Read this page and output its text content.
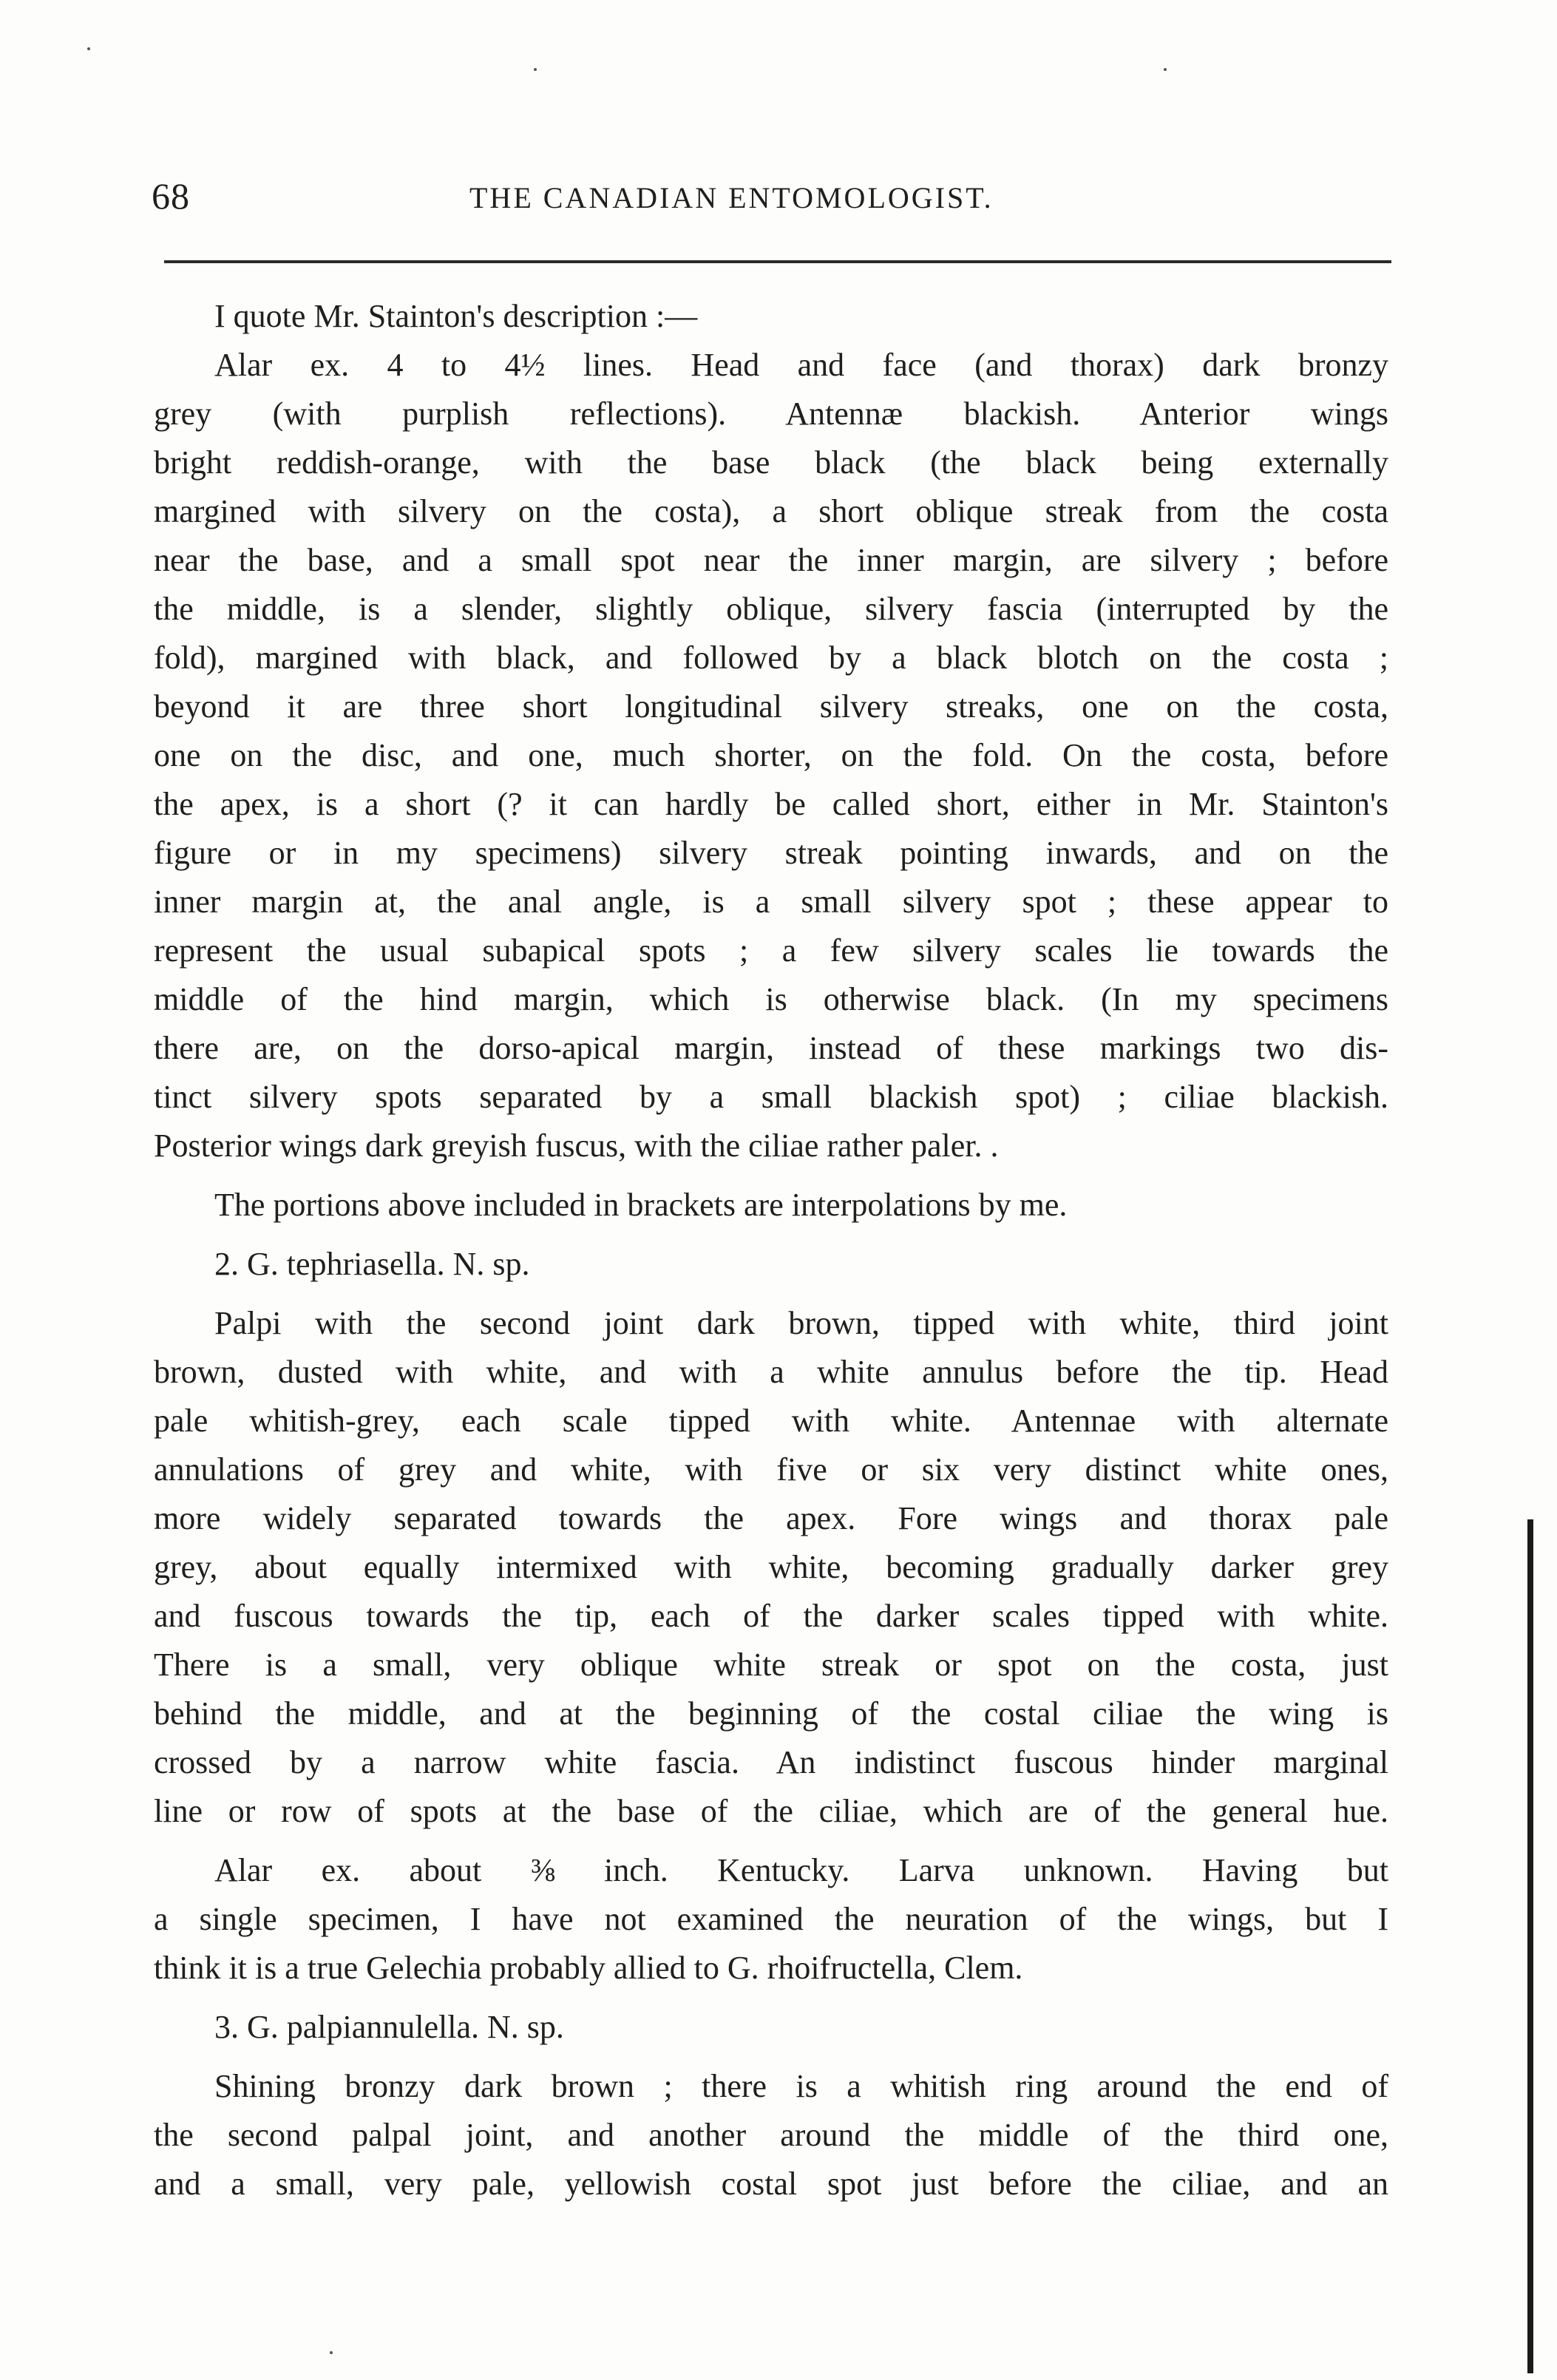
68	THE CANADIAN ENTOMOLOGIST.
I quote Mr. Stainton's description :—
Alar ex. 4 to 4½ lines. Head and face (and thorax) dark bronzy
grey (with purplish reflections). Antennæ blackish. Anterior wings
bright reddish-orange, with the base black (the black being externally
margined with silvery on the costa), a short oblique streak from the costa
near the base, and a small spot near the inner margin, are silvery ; before
the middle, is a slender, slightly oblique, silvery fascia (interrupted by the
fold), margined with black, and followed by a black blotch on the costa ;
beyond it are three short longitudinal silvery streaks, one on the costa,
one on the disc, and one, much shorter, on the fold. On the costa, before
the apex, is a short (? it can hardly be called short, either in Mr. Stainton's
figure or in my specimens) silvery streak pointing inwards, and on the
inner margin at, the anal angle, is a small silvery spot ; these appear to
represent the usual subapical spots ; a few silvery scales lie towards the
middle of the hind margin, which is otherwise black. (In my specimens
there are, on the dorso-apical margin, instead of these markings two dis-
tinct silvery spots separated by a small blackish spot) ; ciliae blackish.
Posterior wings dark greyish fuscus, with the ciliae rather paler. .
The portions above included in brackets are interpolations by me.
2. G. tephriasella. N. sp.
Palpi with the second joint dark brown, tipped with white, third joint
brown, dusted with white, and with a white annulus before the tip. Head
pale whitish-grey, each scale tipped with white. Antennae with alternate
annulations of grey and white, with five or six very distinct white ones,
more widely separated towards the apex. Fore wings and thorax pale
grey, about equally intermixed with white, becoming gradually darker grey
and fuscous towards the tip, each of the darker scales tipped with white.
There is a small, very oblique white streak or spot on the costa, just
behind the middle, and at the beginning of the costal ciliae the wing is
crossed by a narrow white fascia. An indistinct fuscous hinder marginal
line or row of spots at the base of the ciliae, which are of the general hue.
Alar ex. about ⅜ inch. Kentucky. Larva unknown. Having but
a single specimen, I have not examined the neuration of the wings, but I
think it is a true Gelechia probably allied to G. rhoifructella, Clem.
3. G. palpiannulella. N. sp.
Shining bronzy dark brown ; there is a whitish ring around the end of
the second palpal joint, and another around the middle of the third one,
and a small, very pale, yellowish costal spot just before the ciliae, and an
